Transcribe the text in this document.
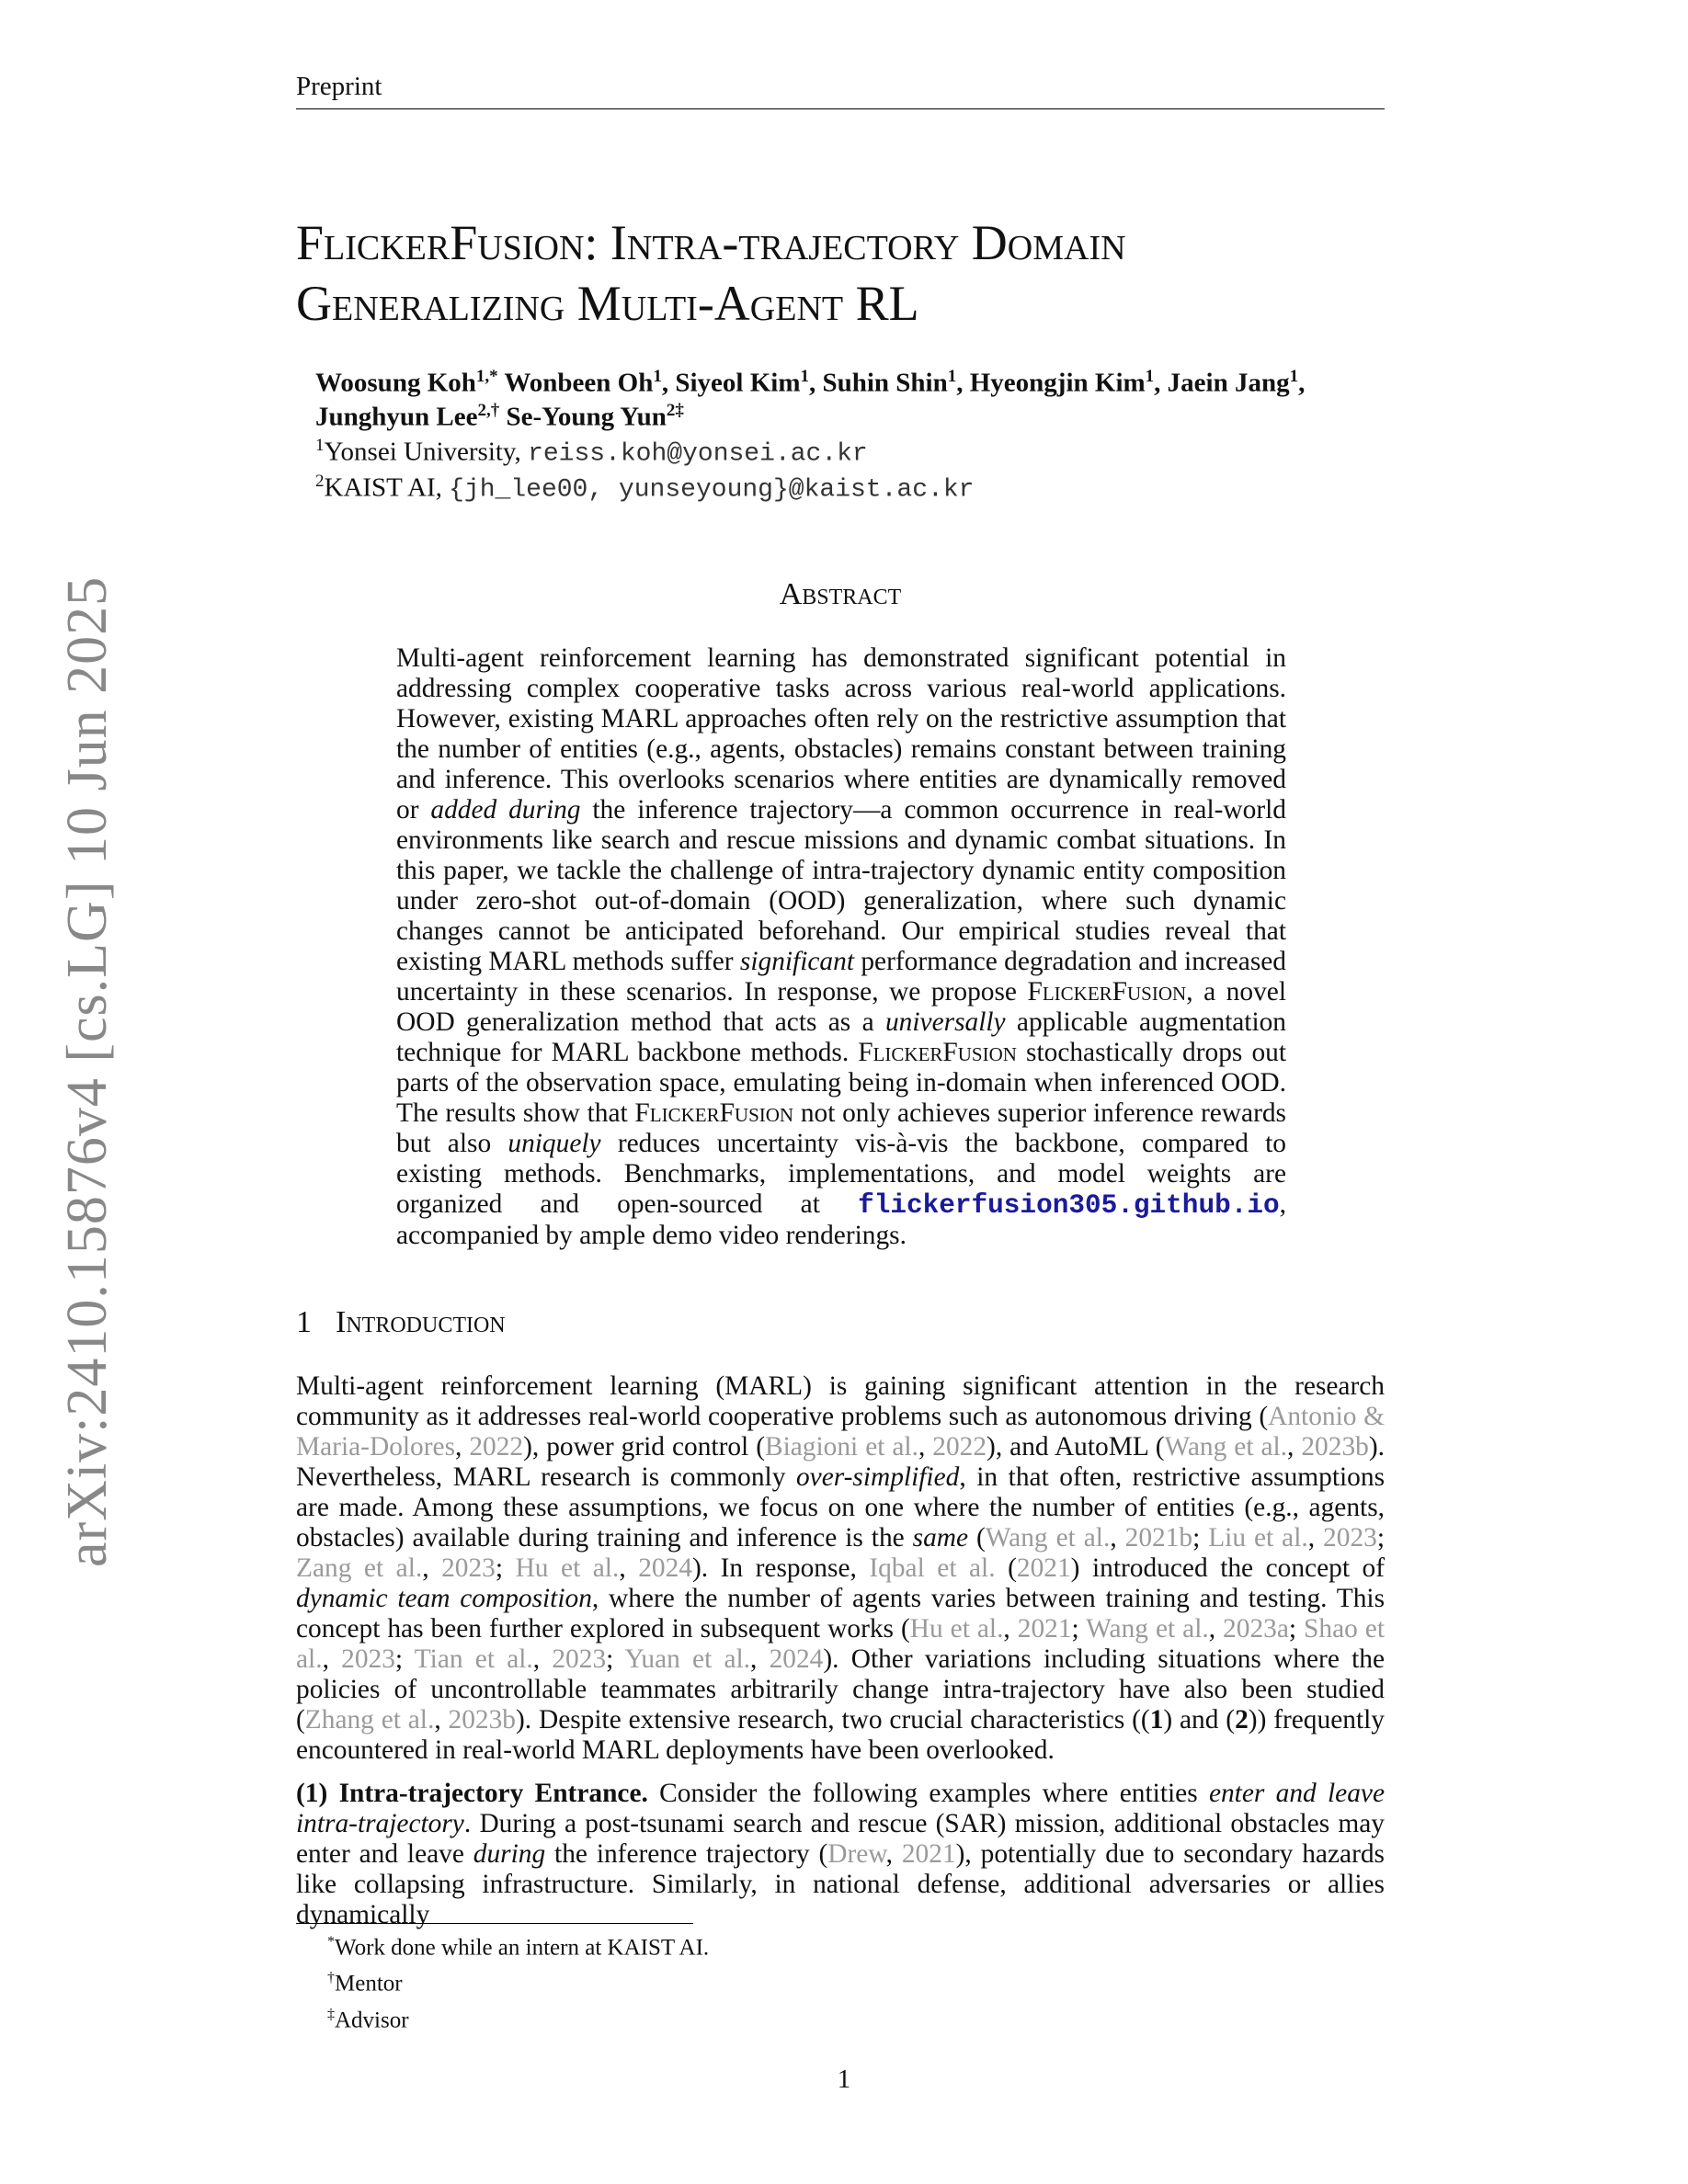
Preprint
arXiv:2410.15876v4 [cs.LG] 10 Jun 2025
FlickerFusion: Intra-trajectory Domain
Generalizing Multi-Agent RL
Woosung Koh$^{1,*}$ Wonbeen Oh$^1$, Siyeol Kim$^1$, Suhin Shin$^1$, Hyeongjin Kim$^1$, Jaein Jang$^1$,
Junghyun Lee$^{2,\dagger}$ Se-Young Yun$^{2\ddagger}$
$^1$Yonsei University, reiss.koh@yonsei.ac.kr
$^2$KAIST AI, {jh_lee00, yunseyoung}@kaist.ac.kr
Abstract
Multi-agent reinforcement learning has demonstrated significant potential in addressing complex cooperative tasks across various real-world applications. However, existing MARL approaches often rely on the restrictive assumption that the number of entities (e.g., agents, obstacles) remains constant between training and inference. This overlooks scenarios where entities are dynamically removed or added during the inference trajectory—a common occurrence in real-world environments like search and rescue missions and dynamic combat situations. In this paper, we tackle the challenge of intra-trajectory dynamic entity composition under zero-shot out-of-domain (OOD) generalization, where such dynamic changes cannot be anticipated beforehand. Our empirical studies reveal that existing MARL methods suffer significant performance degradation and increased uncertainty in these scenarios. In response, we propose FlickerFusion, a novel OOD generalization method that acts as a universally applicable augmentation technique for MARL backbone methods. FlickerFusion stochastically drops out parts of the observation space, emulating being in-domain when inferenced OOD. The results show that FlickerFusion not only achieves superior inference rewards but also uniquely reduces uncertainty vis-à-vis the backbone, compared to existing methods. Benchmarks, implementations, and model weights are organized and open-sourced at flickerfusion305.github.io, accompanied by ample demo video renderings.
1 Introduction

Multi-agent reinforcement learning (MARL) is gaining significant attention in the research community as it addresses real-world cooperative problems such as autonomous driving (Antonio & Maria-Dolores, 2022), power grid control (Biagioni et al., 2022), and AutoML (Wang et al., 2023b). Nevertheless, MARL research is commonly over-simplified, in that often, restrictive assumptions are made. Among these assumptions, we focus on one where the number of entities (e.g., agents, obstacles) available during training and inference is the same (Wang et al., 2021b; Liu et al., 2023; Zang et al., 2023; Hu et al., 2024). In response, Iqbal et al. (2021) introduced the concept of dynamic team composition, where the number of agents varies between training and testing. This concept has been further explored in subsequent works (Hu et al., 2021; Wang et al., 2023a; Shao et al., 2023; Tian et al., 2023; Yuan et al., 2024). Other variations including situations where the policies of uncontrollable teammates arbitrarily change intra-trajectory have also been studied (Zhang et al., 2023b). Despite extensive research, two crucial characteristics ((1) and (2)) frequently encountered in real-world MARL deployments have been overlooked.

(1) Intra-trajectory Entrance. Consider the following examples where entities enter and leave intra-trajectory. During a post-tsunami search and rescue (SAR) mission, additional obstacles may enter and leave during the inference trajectory (Drew, 2021), potentially due to secondary hazards like collapsing infrastructure. Similarly, in national defense, additional adversaries or allies dynamically

*Work done while an intern at KAIST AI.
†Mentor
‡Advisor
1
